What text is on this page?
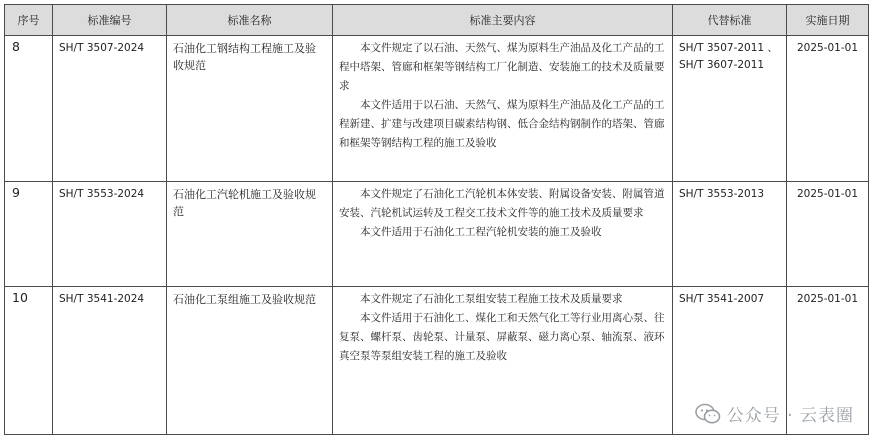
序号	标准编号	标准名称	标准主要内容	代替标准	实施日期
8	SH/T 3507-2024	石油化工钢结构工程施工及验收规范	本文件规定了以石油、天然气、煤为原料生产油品及化工产品的工程中塔架、管廊和框架等钢结构工厂化制造、安装施工的技术及质量要求

本文件适用于以石油、天然气、煤为原料生产油品及化工产品的工程新建、扩建与改建项目碳素结构钢、低合金结构钢制作的塔架、管廊和框架等钢结构工程的施工及验收	SH/T 3507-2011 、SH/T 3607-2011	2025-01-01
9	SH/T 3553-2024	石油化工汽轮机施工及验收规范	本文件规定了石油化工汽轮机本体安装、附属设备安装、附属管道安装、汽轮机试运转及工程交工技术文件等的施工技术及质量要求

本文件适用于石油化工工程汽轮机安装的施工及验收	SH/T 3553-2013	2025-01-01
10	SH/T 3541-2024	石油化工泵组施工及验收规范	本文件规定了石油化工泵组安装工程施工技术及质量要求

本文件适用于石油化工、煤化工和天然气化工等行业用离心泵、往复泵、螺杆泵、齿轮泵、计量泵、屏蔽泵、磁力离心泵、轴流泵、液环真空泵等泵组安装工程的施工及验收	SH/T 3541-2007	2025-01-01
公众号 · 云表圈
